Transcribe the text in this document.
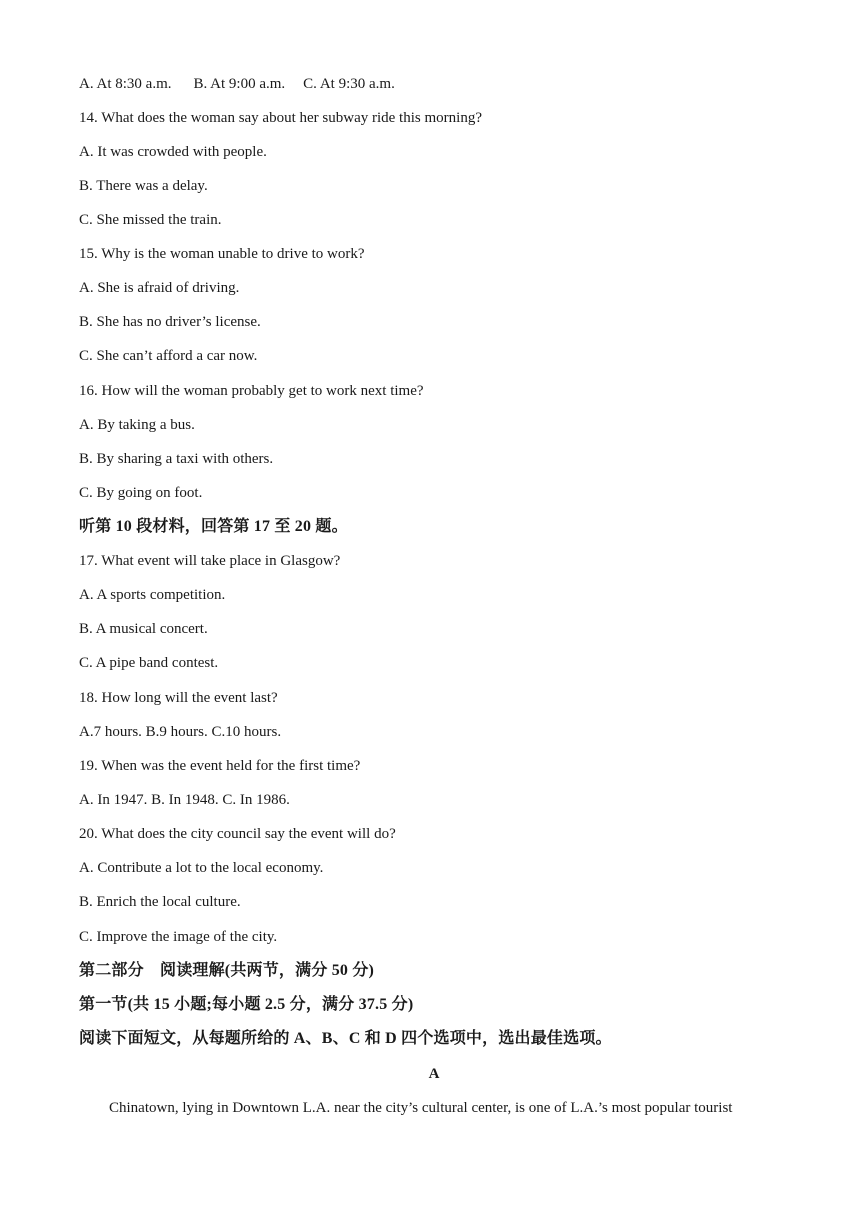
A. At 8:30 a.m. B. At 9:00 a.m. C. At 9:30 a.m.
14. What does the woman say about her subway ride this morning?
A. It was crowded with people.
B. There was a delay.
C. She missed the train.
15. Why is the woman unable to drive to work?
A. She is afraid of driving.
B. She has no driver’s license.
C. She can’t afford a car now.
16. How will the woman probably get to work next time?
A. By taking a bus.
B. By sharing a taxi with others.
C. By going on foot.
听第 10 段材料，回答第 17 至 20 题。
17. What event will take place in Glasgow?
A. A sports competition.
B. A musical concert.
C. A pipe band contest.
18. How long will the event last?
A.7 hours. B.9 hours. C.10 hours.
19. When was the event held for the first time?
A. In 1947. B. In 1948. C. In 1986.
20. What does the city council say the event will do?
A. Contribute a lot to the local economy.
B. Enrich the local culture.
C. Improve the image of the city.
第二部分　阅读理解(共两节，满分 50 分)
第一节(共 15 小题;每小题 2.5 分，满分 37.5 分)
阅读下面短文，从每题所给的 A、B、C 和 D 四个选项中，选出最佳选项。
A
Chinatown, lying in Downtown L.A. near the city’s cultural center, is one of L.A.’s most popular tourist
